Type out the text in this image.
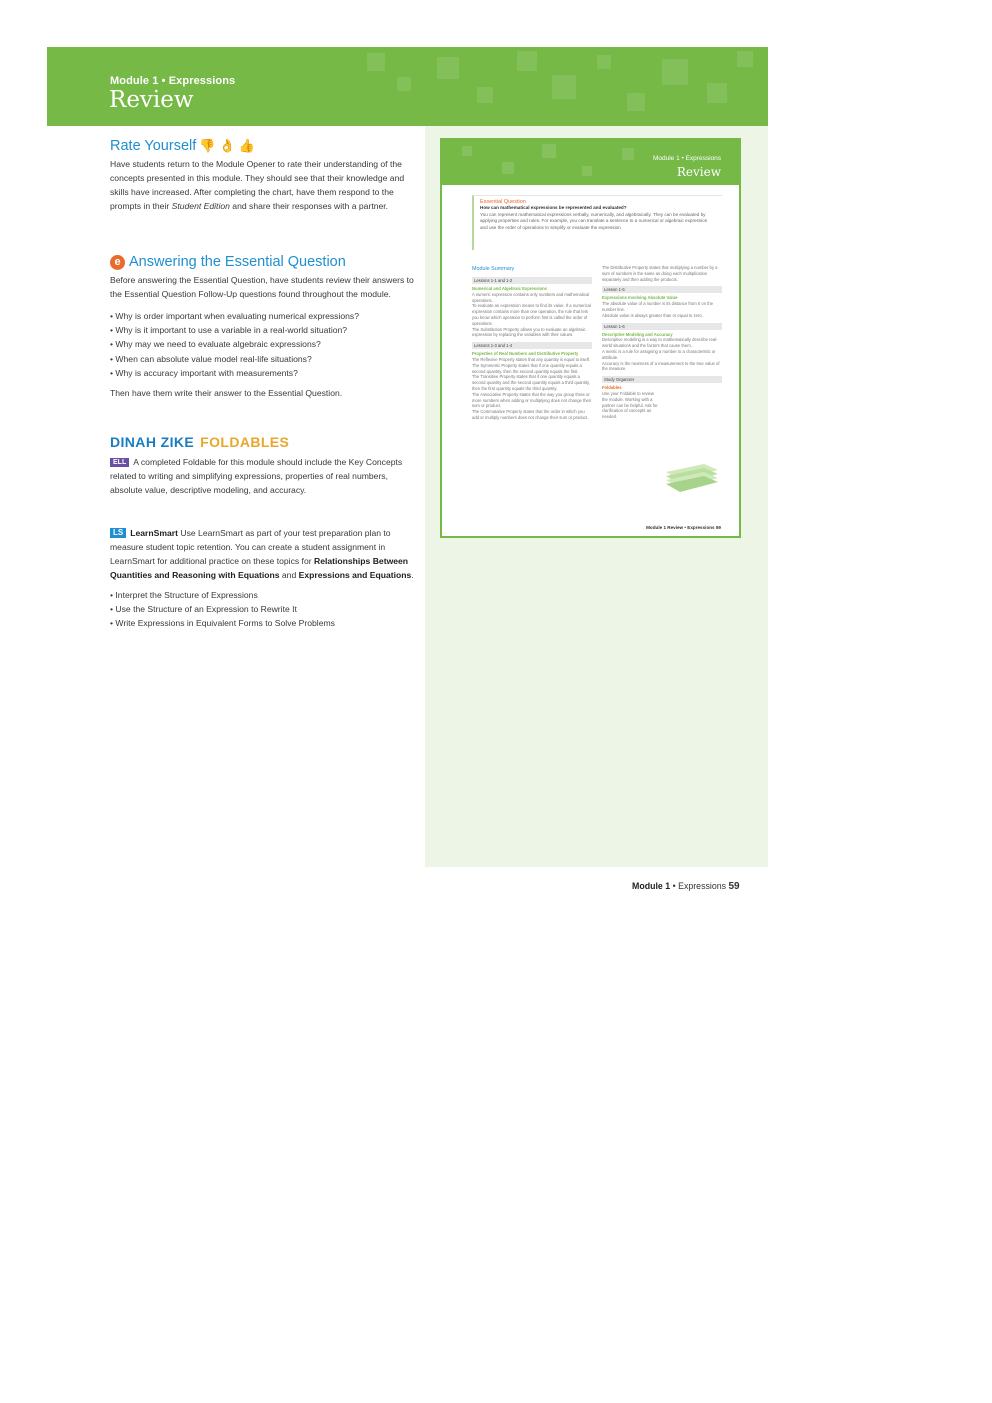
Module 1 • Expressions
Review
Rate Yourself 👎 👌 👍

Have students return to the Module Opener to rate their understanding of the concepts presented in this module. They should see that their knowledge and skills have increased. After completing the chart, have them respond to the prompts in their Student Edition and share their responses with a partner.

e Answering the Essential Question

Before answering the Essential Question, have students review their answers to the Essential Question Follow-Up questions found throughout the module.

• Why is order important when evaluating numerical expressions?
• Why is it important to use a variable in a real-world situation?
• Why may we need to evaluate algebraic expressions?
• When can absolute value model real-life situations?
• Why is accuracy important with measurements?

Then have them write their answer to the Essential Question.

DINAH ZIKE FOLDABLES

ELL A completed Foldable for this module should include the Key Concepts related to writing and simplifying expressions, properties of real numbers, absolute value, descriptive modeling, and accuracy.

LS LearnSmart Use LearnSmart as part of your test preparation plan to measure student topic retention. You can create a student assignment in LearnSmart for additional practice on these topics for Relationships Between Quantities and Reasoning with Equations and Expressions and Equations.

• Interpret the Structure of Expressions
• Use the Structure of an Expression to Rewrite It
• Write Expressions in Equivalent Forms to Solve Problems
Module 1 • Expressions
Review
Essential Question
How can mathematical expressions be represented and evaluated?
You can represent mathematical expressions verbally, numerically, and algebraically. They can be evaluated by applying properties and rules. For example, you can translate a sentence to a numerical or algebraic expression and use the order of operations to simplify or evaluate the expression.
Module Summary
Lessons 1-1 and 1-2
Numerical and Algebraic Expressions
A numeric expression contains only numbers and mathematical operations.
To evaluate an expression means to find its value. If a numerical expression contains more than one operation, the rule that lets you know which operation to perform first is called the order of operations.
The Substitution Property allows you to evaluate an algebraic expression by replacing the variables with their values.
Lessons 1-3 and 1-4
Properties of Real Numbers and Distributive Property
The Reflexive Property states that any quantity is equal to itself.
The Symmetric Property states that if one quantity equals a second quantity, then the second quantity equals the first.
The Transitive Property states that if one quantity equals a second quantity and the second quantity equals a third quantity, then the first quantity equals the third quantity.
The Associative Property states that the way you group three or more numbers when adding or multiplying does not change their sum or product.
The Commutative Property states that the order in which you add or multiply numbers does not change their sum or product.
The Distributive Property states that multiplying a number by a sum of numbers is the same as doing each multiplication separately and then adding the products.
Lesson 1-5
Expressions Involving Absolute Value
The absolute value of a number is its distance from 0 on the number line.
Absolute value is always greater than or equal to zero.
Lesson 1-6
Descriptive Modeling and Accuracy
Descriptive modeling is a way to mathematically describe real-world situations and the factors that cause them.
A metric is a rule for assigning a number to a characteristic or attribute.
Accuracy is the nearness of a measurement to the true value of the measure.
Study Organizer
Foldables
Use your Foldable to review the module. Working with a partner can be helpful. Ask for clarification of concepts as needed.
Module 1 Review • Expressions 59
Module 1 • Expressions 59
